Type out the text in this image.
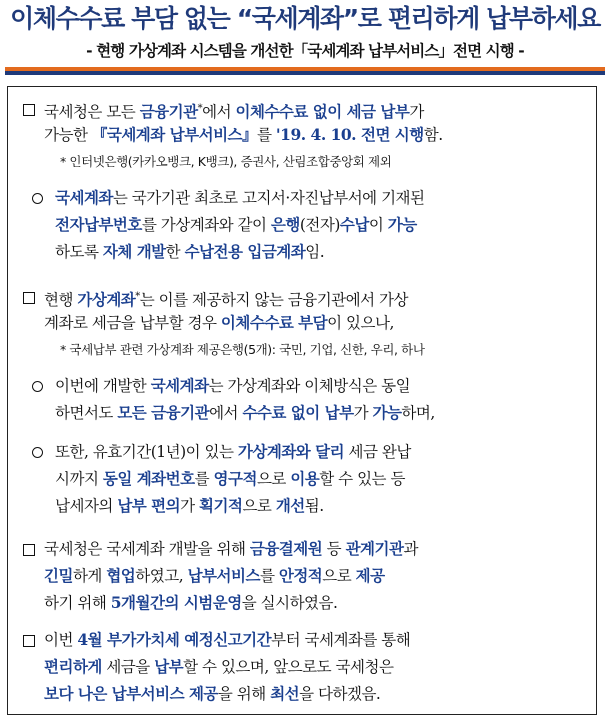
이체수수료 부담 없는 “국세계좌”로 편리하게 납부하세요
- 현행 가상계좌 시스템을 개선한「국세계좌 납부서비스」전면 시행 -
국세청은 모든 금융기관*에서 이체수수료 없이 세금 납부가
가능한 『국세계좌 납부서비스』를 '19. 4. 10. 전면 시행함.
* 인터넷은행(카카오뱅크, K뱅크), 증권사, 산림조합중앙회 제외
국세계좌는 국가기관 최초로 고지서·자진납부서에 기재된
전자납부번호를 가상계좌와 같이 은행(전자)수납이 가능
하도록 자체 개발한 수납전용 입금계좌임.
현행 가상계좌*는 이를 제공하지 않는 금융기관에서 가상
계좌로 세금을 납부할 경우 이체수수료 부담이 있으나,
* 국세납부 관련 가상계좌 제공은행(5개): 국민, 기업, 신한, 우리, 하나
이번에 개발한 국세계좌는 가상계좌와 이체방식은 동일
하면서도 모든 금융기관에서 수수료 없이 납부가 가능하며,
또한, 유효기간(1년)이 있는 가상계좌와 달리 세금 완납
시까지 동일 계좌번호를 영구적으로 이용할 수 있는 등
납세자의 납부 편의가 획기적으로 개선됨.
국세청은 국세계좌 개발을 위해 금융결제원 등 관계기관과
긴밀하게 협업하였고, 납부서비스를 안정적으로 제공
하기 위해 5개월간의 시범운영을 실시하였음.
이번 4월 부가가치세 예정신고기간부터 국세계좌를 통해
편리하게 세금을 납부할 수 있으며, 앞으로도 국세청은
보다 나은 납부서비스 제공을 위해 최선을 다하겠음.
